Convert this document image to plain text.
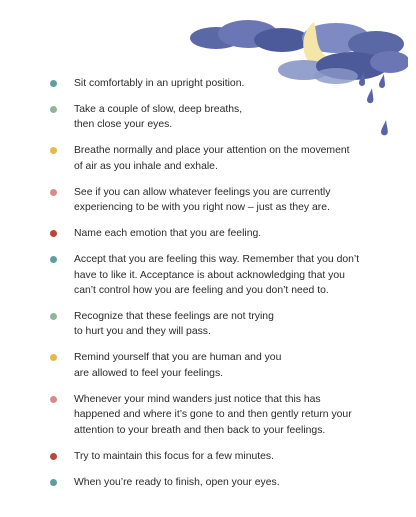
Sit comfortably in an upright position.
Take a couple of slow, deep breaths,
then close your eyes.
Breathe normally and place your attention on the movement
of air as you inhale and exhale.
See if you can allow whatever feelings you are currently
experiencing to be with you right now – just as they are.
Name each emotion that you are feeling.
Accept that you are feeling this way. Remember that you don’t
have to like it. Acceptance is about acknowledging that you
can’t control how you are feeling and you don’t need to.
Recognize that these feelings are not trying
to hurt you and they will pass.
Remind yourself that you are human and you
are allowed to feel your feelings.
Whenever your mind wanders just notice that this has
happened and where it’s gone to and then gently return your
attention to your breath and then back to your feelings.
Try to maintain this focus for a few minutes.
When you’re ready to finish, open your eyes.
